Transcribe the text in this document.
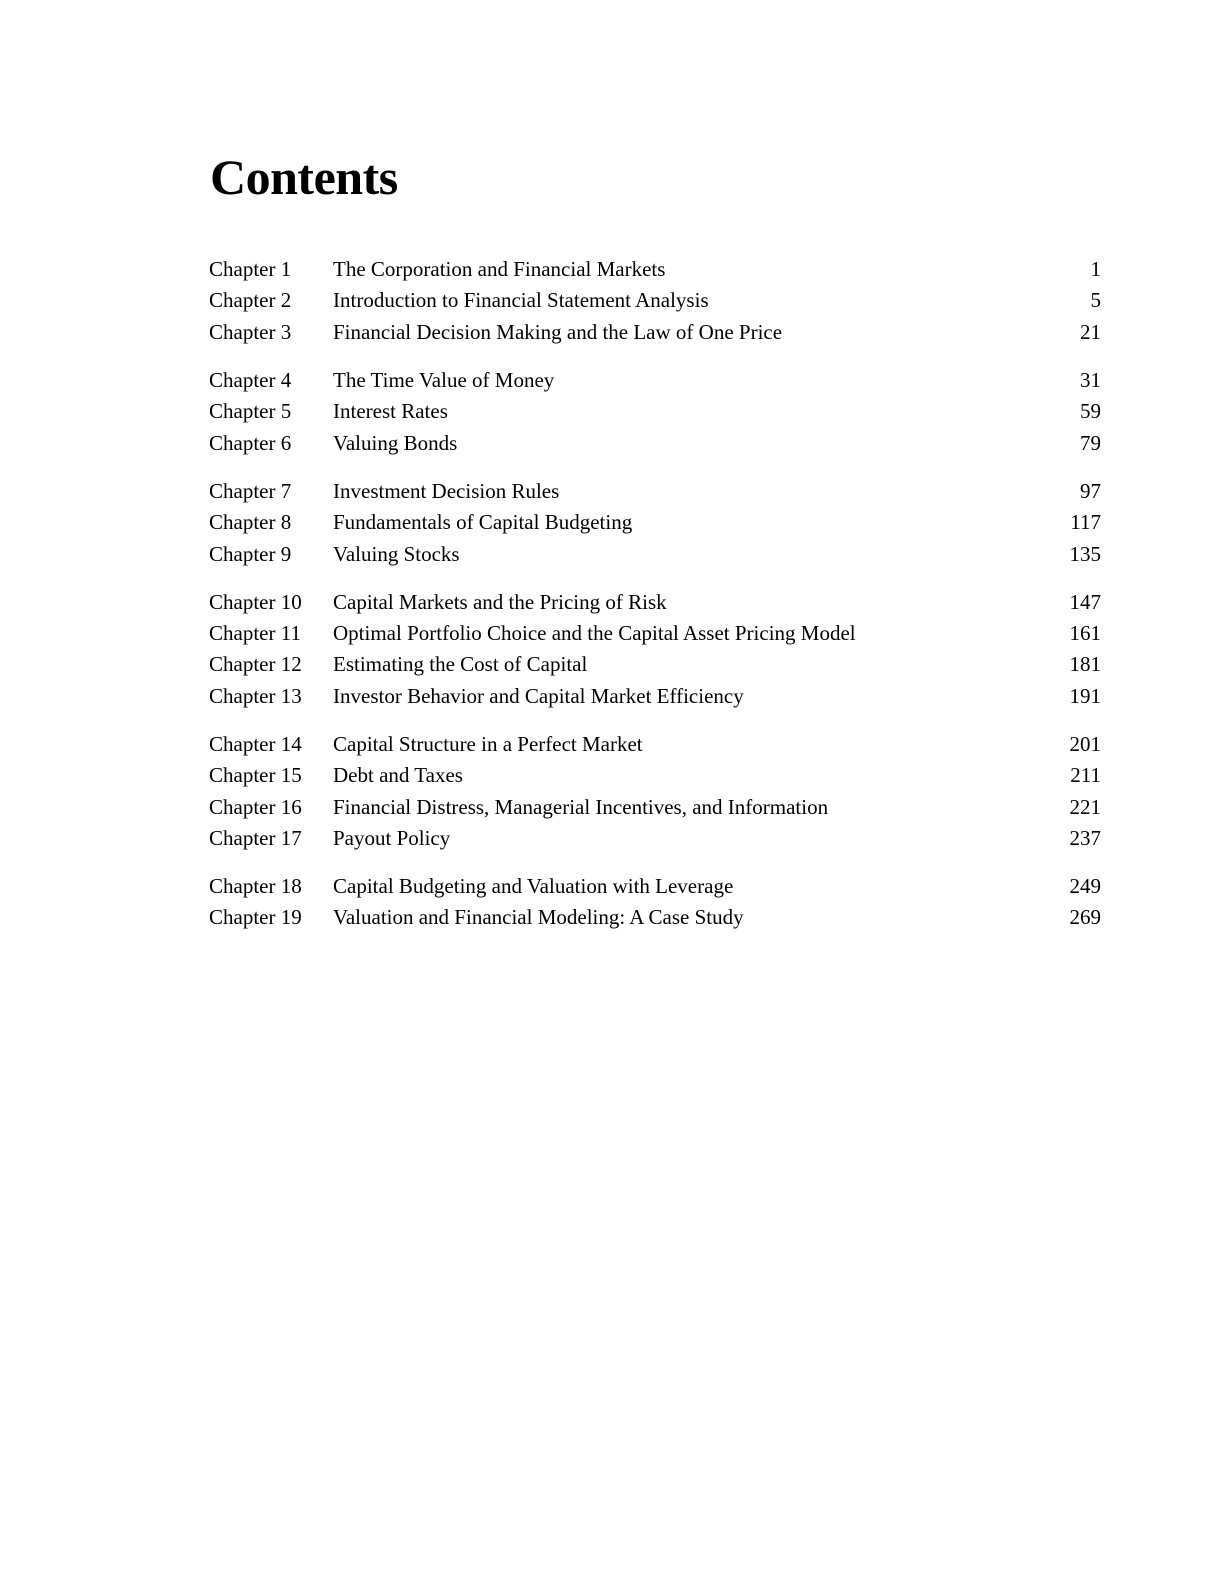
Contents
Chapter 1	The Corporation and Financial Markets	1
Chapter 2	Introduction to Financial Statement Analysis	5
Chapter 3	Financial Decision Making and the Law of One Price	21
Chapter 4	The Time Value of Money	31
Chapter 5	Interest Rates	59
Chapter 6	Valuing Bonds	79
Chapter 7	Investment Decision Rules	97
Chapter 8	Fundamentals of Capital Budgeting	117
Chapter 9	Valuing Stocks	135
Chapter 10	Capital Markets and the Pricing of Risk	147
Chapter 11	Optimal Portfolio Choice and the Capital Asset Pricing Model	161
Chapter 12	Estimating the Cost of Capital	181
Chapter 13	Investor Behavior and Capital Market Efficiency	191
Chapter 14	Capital Structure in a Perfect Market	201
Chapter 15	Debt and Taxes	211
Chapter 16	Financial Distress, Managerial Incentives, and Information	221
Chapter 17	Payout Policy	237
Chapter 18	Capital Budgeting and Valuation with Leverage	249
Chapter 19	Valuation and Financial Modeling: A Case Study	269
